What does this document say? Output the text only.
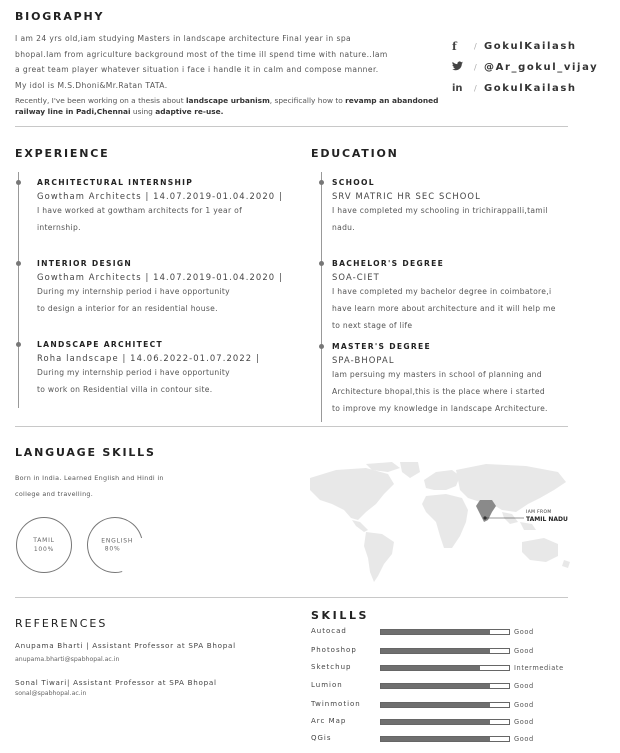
BIOGRAPHY
I am 24 yrs old,iam studying Masters in landscape architecture Final year in spa
bhopal.Iam from agriculture background most of the time ill spend time with nature..Iam
a great team player whatever situation i face i handle it in calm and compose manner.
My idol is M.S.Dhoni&Mr.Ratan TATA.
Recently, I've been working on a thesis about landscape urbanism, specifically how to revamp an abandoned
railway line in Padi,Chennai using adaptive re-use.
f	/ GokulKailash
/ @Ar_gokul_vijay
in	/ GokulKailash
EXPERIENCE
ARCHITECTURAL INTERNSHIP
Gowtham Architects | 14.07.2019-01.04.2020 |
I have worked at gowtham architects for 1 year of
internship.
INTERIOR DESIGN
Gowtham Architects | 14.07.2019-01.04.2020 |
During my internship period i have opportunity
to design a interior for an residential house.
LANDSCAPE ARCHITECT
Roha landscape | 14.06.2022-01.07.2022 |
During my internship period i have opportunity
to work on Residential villa in contour site.
EDUCATION
SCHOOL
SRV MATRIC HR SEC SCHOOL
I have completed my schooling in trichirappalli,tamil
nadu.
BACHELOR'S DEGREE
SOA-CIET
I have completed my bachelor degree in coimbatore,i
have learn more about architecture and it will help me
to next stage of life
MASTER'S DEGREE
SPA-BHOPAL
Iam persuing my masters in school of planning and
Architecture bhopal,this is the place where i started
to improve my knowledge in landscape Architecture.
LANGUAGE SKILLS
Born in India. Learned English and Hindi in
college and travelling.
TAMIL
100%
ENGLISH
80%
IAM FROM
TAMIL NADU
REFERENCES
Anupama Bharti | Assistant Professor at SPA Bhopal
anupama.bharti@spabhopal.ac.in
Sonal Tiwari| Assistant Professor at SPA Bhopal
sonal@spabhopal.ac.in
SKILLS
Autocad	Good
Photoshop	Good
Sketchup	Intermediate
Lumion	Good
Twinmotion	Good
Arc Map	Good
QGis	Good
